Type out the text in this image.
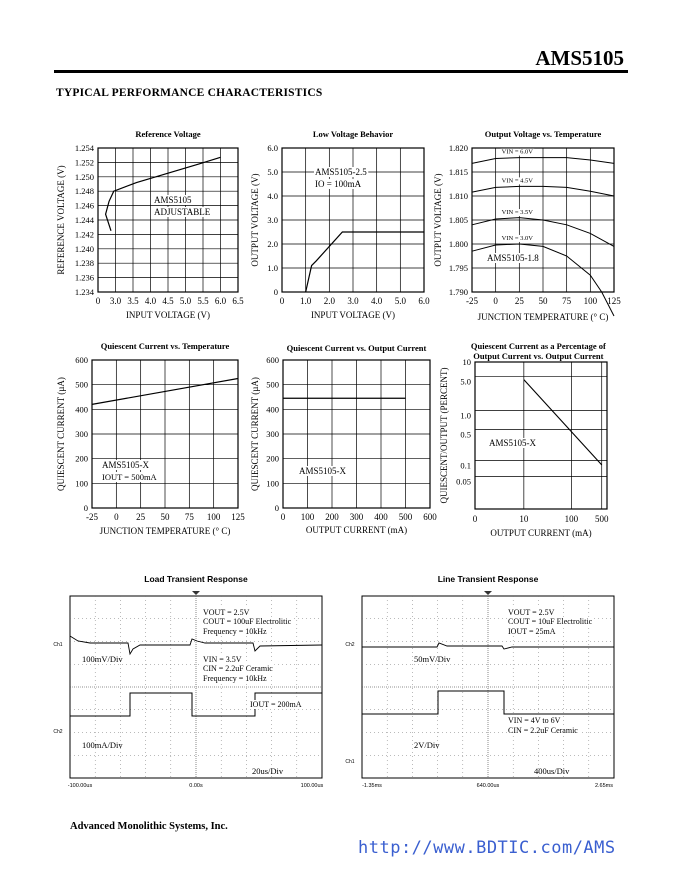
AMS5105
TYPICAL PERFORMANCE CHARACTERISTICS
0 3.0 3.5 4.0 4.5 5.0 5.5 6.0 6.5
1.234
1.236
1.238
1.240
1.242
1.244
1.246
1.248
1.250
1.252
1.254
Reference Voltage
INPUT VOLTAGE (V)
REFERENCE VOLTAGE (V)	AMS5105
ADJUSTABLE
0 1.0 2.0 3.0 4.0 5.0 6.0
0
1.0
2.0
3.0
4.0
5.0
6.0
Low Voltage Behavior
INPUT VOLTAGE (V)
OUTPUT VOLTAGE (V)
AMS5105-2.5
IO = 100mA
-25 0 25 50 75 100 125
1.790
1.795
1.800
1.805
1.810
1.815
1.820
Output Voltage vs. Temperature
JUNCTION TEMPERATURE (° C)
OUTPUT VOLTAGE (V)
VIN = 6.0V
VIN = 4.5V
VIN = 3.5V
VIN = 3.0V
AMS5105-1.8
-25 0 25 50 75 100 125
0
100
200
300
400
500
600
Quiescent Current vs. Temperature
JUNCTION TEMPERATURE (° C)
QUIESCENT CURRENT (µA)	AMS5105-X
IOUT = 500mA
0 100 200 300 400 500 600
0
100
200
300
400
500
600
Quiescent Current vs. Output Current
OUTPUT CURRENT (mA)
QUIESCENT CURRENT (µA)	AMS5105-X
0	10	100 500
10
5.0
1.0
0.5
0.1
0.05
Quiescent Current as a Percentage of
Output Current vs. Output Current
OUTPUT CURRENT (mA)
QUIESCENT/OUTPUT (PERCENT)	AMS5105-X
Load Transient Response
-100.00us	0.00s	100.00us
Ch1
Ch2
100mV/Div
100mA/Div
20us/Div
VOUT = 2.5V
COUT = 100uF Electrolitic
Frequency = 10kHz
VIN = 3.5V
CIN = 2.2uF Ceramic
Frequency = 10kHz
IOUT = 200mA
Line Transient Response
-1.35ms	640.00us	2.65ms
Ch2
Ch1
50mV/Div
2V/Div
400us/Div
VOUT = 2.5V
COUT = 10uF Electrolitic
IOUT = 25mA
VIN = 4V to 6V
CIN = 2.2uF Ceramic
Advanced Monolithic Systems, Inc.
http://www.BDTIC.com/AMS
